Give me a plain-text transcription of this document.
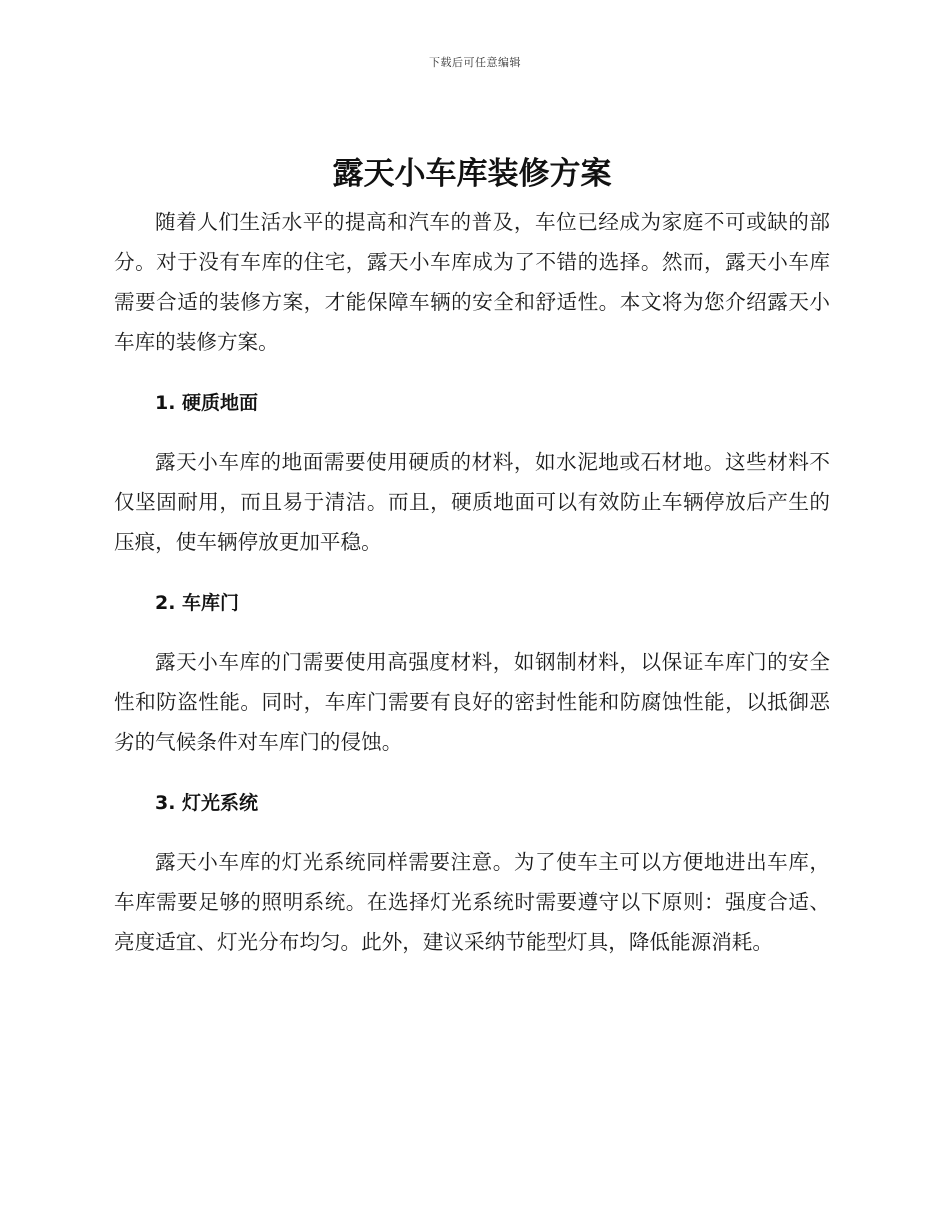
下载后可任意编辑
露天小车库装修方案

随着人们生活水平的提高和汽车的普及，车位已经成为家庭不可或缺的部分。对于没有车库的住宅，露天小车库成为了不错的选择。然而，露天小车库需要合适的装修方案，才能保障车辆的安全和舒适性。本文将为您介绍露天小车库的装修方案。

1. 硬质地面

露天小车库的地面需要使用硬质的材料，如水泥地或石材地。这些材料不仅坚固耐用，而且易于清洁。而且，硬质地面可以有效防止车辆停放后产生的压痕，使车辆停放更加平稳。

2. 车库门

露天小车库的门需要使用高强度材料，如钢制材料，以保证车库门的安全性和防盗性能。同时，车库门需要有良好的密封性能和防腐蚀性能，以抵御恶劣的气候条件对车库门的侵蚀。

3. 灯光系统

露天小车库的灯光系统同样需要注意。为了使车主可以方便地进出车库，车库需要足够的照明系统。在选择灯光系统时需要遵守以下原则：强度合适、亮度适宜、灯光分布均匀。此外，建议采纳节能型灯具，降低能源消耗。
